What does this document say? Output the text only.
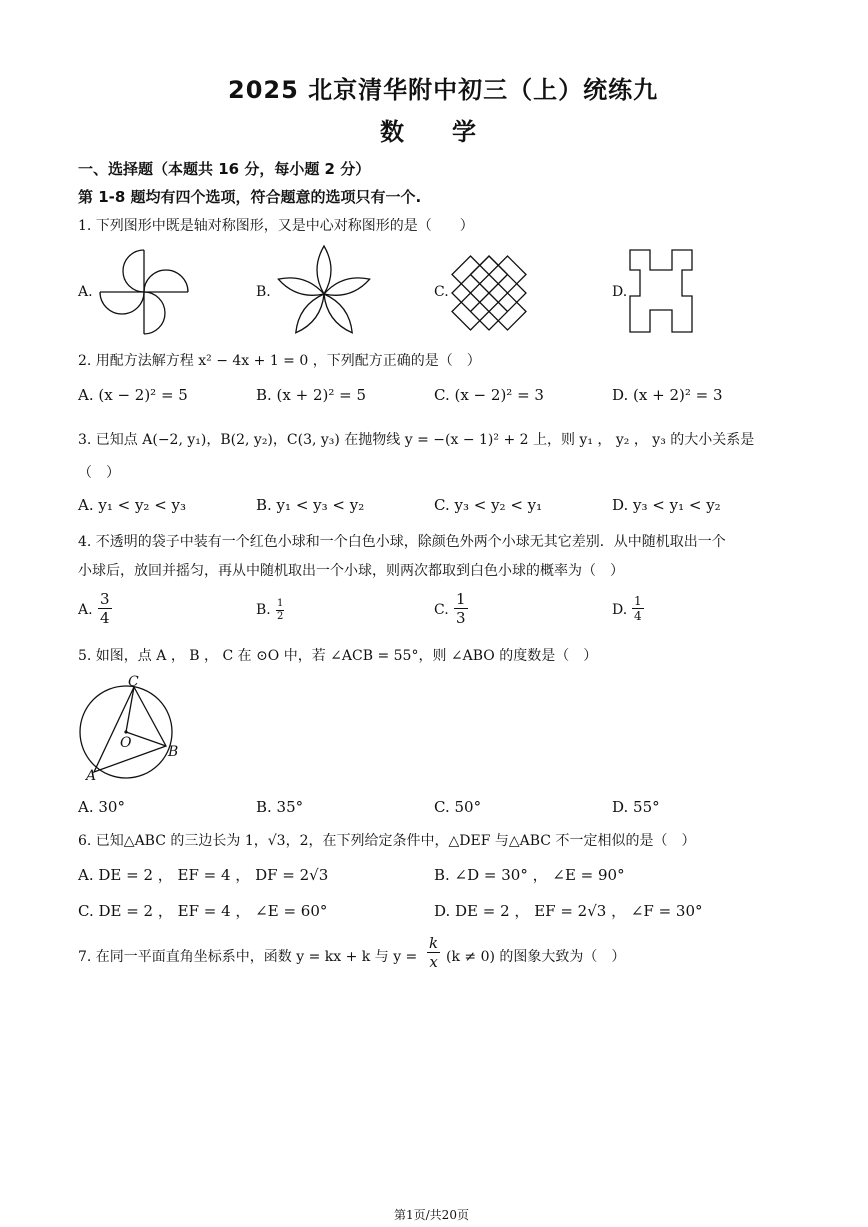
2025 北京清华附中初三（上）统练九
数　　学
一、选择题（本题共 16 分，每小题 2 分）
第 1-8 题均有四个选项，符合题意的选项只有一个.
1. 下列图形中既是轴对称图形，又是中心对称图形的是（　　）
A.	B.	C.	D.
2. 用配方法解方程 x² − 4x + 1 = 0 ，下列配方正确的是（　）
A. (x − 2)² = 5	B. (x + 2)² = 5	C. (x − 2)² = 3	D. (x + 2)² = 3
3. 已知点 A(−2, y₁)，B(2, y₂)，C(3, y₃) 在抛物线 y = −(x − 1)² + 2 上，则 y₁ ， y₂ ， y₃ 的大小关系是
（　）
A. y₁ < y₂ < y₃	B. y₁ < y₃ < y₂	C. y₃ < y₂ < y₁	D. y₃ < y₁ < y₂
4. 不透明的袋子中装有一个红色小球和一个白色小球，除颜色外两个小球无其它差别．从中随机取出一个
小球后，放回并摇匀，再从中随机取出一个小球，则两次都取到白色小球的概率为（　）
A. $\frac{3}{4}$	B. $\frac{1}{2}$	C. $\frac{1}{3}$	D. $\frac{1}{4}$
5. 如图，点 A ， B ， C 在 ⊙O 中，若 ∠ACB = 55°，则 ∠ABO 的度数是（　）
C
O
B
A
A. 30°	B. 35°	C. 50°	D. 55°
6. 已知△ABC 的三边长为 1，√3，2，在下列给定条件中，△DEF 与△ABC 不一定相似的是（　）
A. DE = 2 ， EF = 4 ， DF = 2√3	B. ∠D = 30° ， ∠E = 90°
C. DE = 2 ， EF = 4 ， ∠E = 60°	D. DE = 2 ， EF = 2√3 ， ∠F = 30°
7. 在同一平面直角坐标系中，函数 y = kx + k 与 $y = \frac{k}{x} (k \ne 0)$ 的图象大致为（　）
第1页/共20页
